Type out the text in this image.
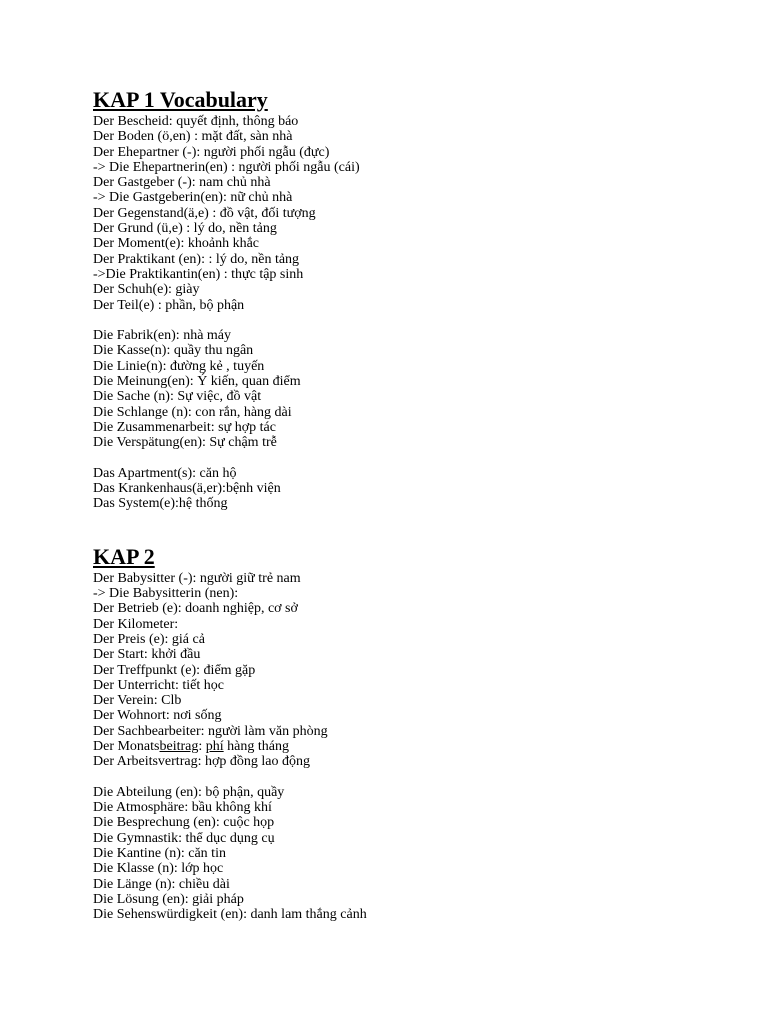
KAP 1 Vocabulary
Der Bescheid: quyết định, thông báo
Der Boden (ö,en) : mặt đất, sàn nhà
Der Ehepartner (-): người phối ngẫu (đực)
-> Die Ehepartnerin(en) : người phối ngẫu (cái)
Der Gastgeber (-): nam chủ nhà
-> Die Gastgeberin(en): nữ chủ nhà
Der Gegenstand(ä,e) : đồ vật, đối tượng
Der Grund (ü,e) : lý do, nền tảng
Der Moment(e): khoảnh khắc
Der Praktikant (en): : lý do, nền tảng
->Die Praktikantin(en) : thực tập sinh
Der Schuh(e): giày
Der Teil(e) : phần, bộ phận
Die Fabrik(en): nhà máy
Die Kasse(n): quầy thu ngân
Die Linie(n): đường kẻ , tuyến
Die Meinung(en): Ý kiến, quan điểm
Die Sache (n): Sự việc, đồ vật
Die Schlange (n): con rắn, hàng dài
Die Zusammenarbeit: sự hợp tác
Die Verspätung(en): Sự chậm trễ
Das Apartment(s): căn hộ
Das Krankenhaus(ä,er):bệnh viện
Das System(e):hệ thống
KAP 2
Der Babysitter (-): người giữ trẻ nam
-> Die Babysitterin (nen):
Der Betrieb (e): doanh nghiệp, cơ sở
Der Kilometer:
Der Preis (e): giá cả
Der Start: khởi đầu
Der Treffpunkt (e): điểm gặp
Der Unterricht: tiết học
Der Verein: Clb
Der Wohnort: nơi sống
Der Sachbearbeiter: người làm văn phòng
Der Monatsbeitrag: phí hàng tháng
Der Arbeitsvertrag: hợp đồng lao động
Die Abteilung (en): bộ phận, quầy
Die Atmosphäre: bầu không khí
Die Besprechung (en): cuộc họp
Die Gymnastik: thể dục dụng cụ
Die Kantine (n): căn tin
Die Klasse (n): lớp học
Die Länge (n): chiều dài
Die Lösung (en): giải pháp
Die Sehenswürdigkeit (en): danh lam thắng cảnh
